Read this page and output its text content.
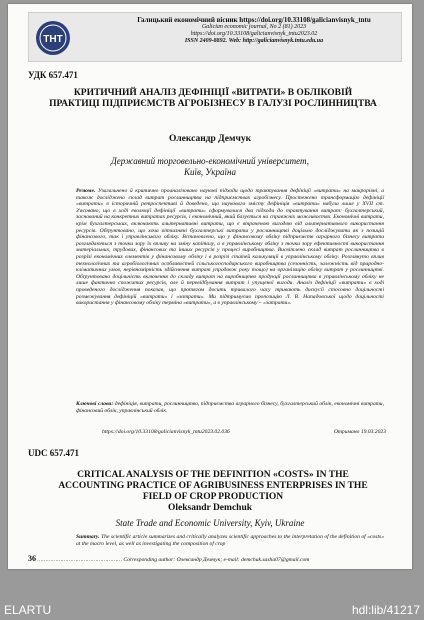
ТНТ
Галицький економічний вісник https://doi.org/10.33108/galicianvisnyk_tntu
Galician economic journal, No 2 (81) 2023
https://doi.org/10.33108/galicianvisnyk_tntu2023.02
ISSN 2409-8892. Web: http://galicianvisnyk.tntu.edu.ua
УДК 657.471
КРИТИЧНИЙ АНАЛІЗ ДЕФІНІЦІЇ «ВИТРАТИ» В ОБЛІКОВІЙ ПРАКТИЦІ ПІДПРИЄМСТВ АГРОБІЗНЕСУ В ГАЛУЗІ РОСЛИННИЦТВА
Олександр Демчук
Державний торговельно-економічний університет,
Київ, Україна

Резюме. Узагальнено й критично проаналізовано наукові підходи щодо трактування дефініції «витрати» на макрорівні, а також досліджено склад витрат рослинництва на підприємствах агробізнесу. Простежено трансформацію дефініції «витрати» в історичній ретроспективі й доведено, що наукового змісту дефініція «витрати» набула лише у XVII ст. З'ясовано, що в ході еволюції дефініції «витрати» сформувалися два підходи до трактування витрат: бухгалтерський, заснований на конкретних витратах ресурсів, і економічний, який базується на справжніх можливостях. Економічні витрати, крім бухгалтерських, включають альтернативні витрати, що є втраченою вигодою від альтернативного використання ресурсів. Обґрунтовано, що хоча вітчизняні бухгалтерські витрати у рослинництві доцільно досліджувати як з позицій фінансового, так і управлінського обліку. Встановлено, що у фінансовому обліку підприємств аграрного бізнесу витрати розглядаються з точки зору їх впливу на зміну капіталу, а в управлінському обліку з точки зору ефективності використання матеріальних, трудових, фінансових та інших ресурсів у процесі виробництва. Висвітлено склад витрат рослинництва в розрізі економічних елементів у фінансовому обліку і в розрізі статей калькуляції в управлінському обліку. Розглянуто вплив технологічних та агробіологічних особливостей сільськогосподарського виробництва (сезонність, залежність від природно-кліматичних умов, нерівномірність здійснення витрат упродовж року тощо) на організацію обліку витрат у рослинництві. Обґрунтовано доцільність включення до складу витрат на виробництво продукції рослинництва в управлінському обліку не лише фактично спожитих ресурсів, але й перевідбування витрат і упущеної вигоди. Аналіз дефініції «витрати» в ході проведеного дослідження показав, що протягом досить тривалого часу тривають дискусії стосовно доцільності розмежування дефініцій «витрати» і «затрати». Ми підтримуємо пропозицію Л. В. Нападовської щодо доцільності використання у фінансовому обліку терміна «витрати», а в управлінському – «затрати».

Ключові слова: дефініція, витрати, рослинництво, підприємства аграрного бізнесу, бухгалтерський облік, економічні витрати, фінансовий облік, управлінський облік.

https://doi.org/10.33108/galicianvisnyk_tntu2023.02.036	Отримано 19.03.2023
UDC 657.471
CRITICAL ANALYSIS OF THE DEFINITION «COSTS» IN THE ACCOUNTING PRACTICE OF AGRIBUSINESS ENTERPRISES IN THE FIELD OF CROP PRODUCTION
Oleksandr Demchuk
State Trade and Economic University, Kyiv, Ukraine

Summary. The scientific article summarizes and critically analyzes scientific approaches to the interpretation of the definition of «costs» at the macro level, as well as investigating the composition of crop

36 …………………………………………… Corresponding author: Олександр Демчук; e-mail: demchuk.sasha07@gmail.com
ELARTU	hdl:lib/41217
